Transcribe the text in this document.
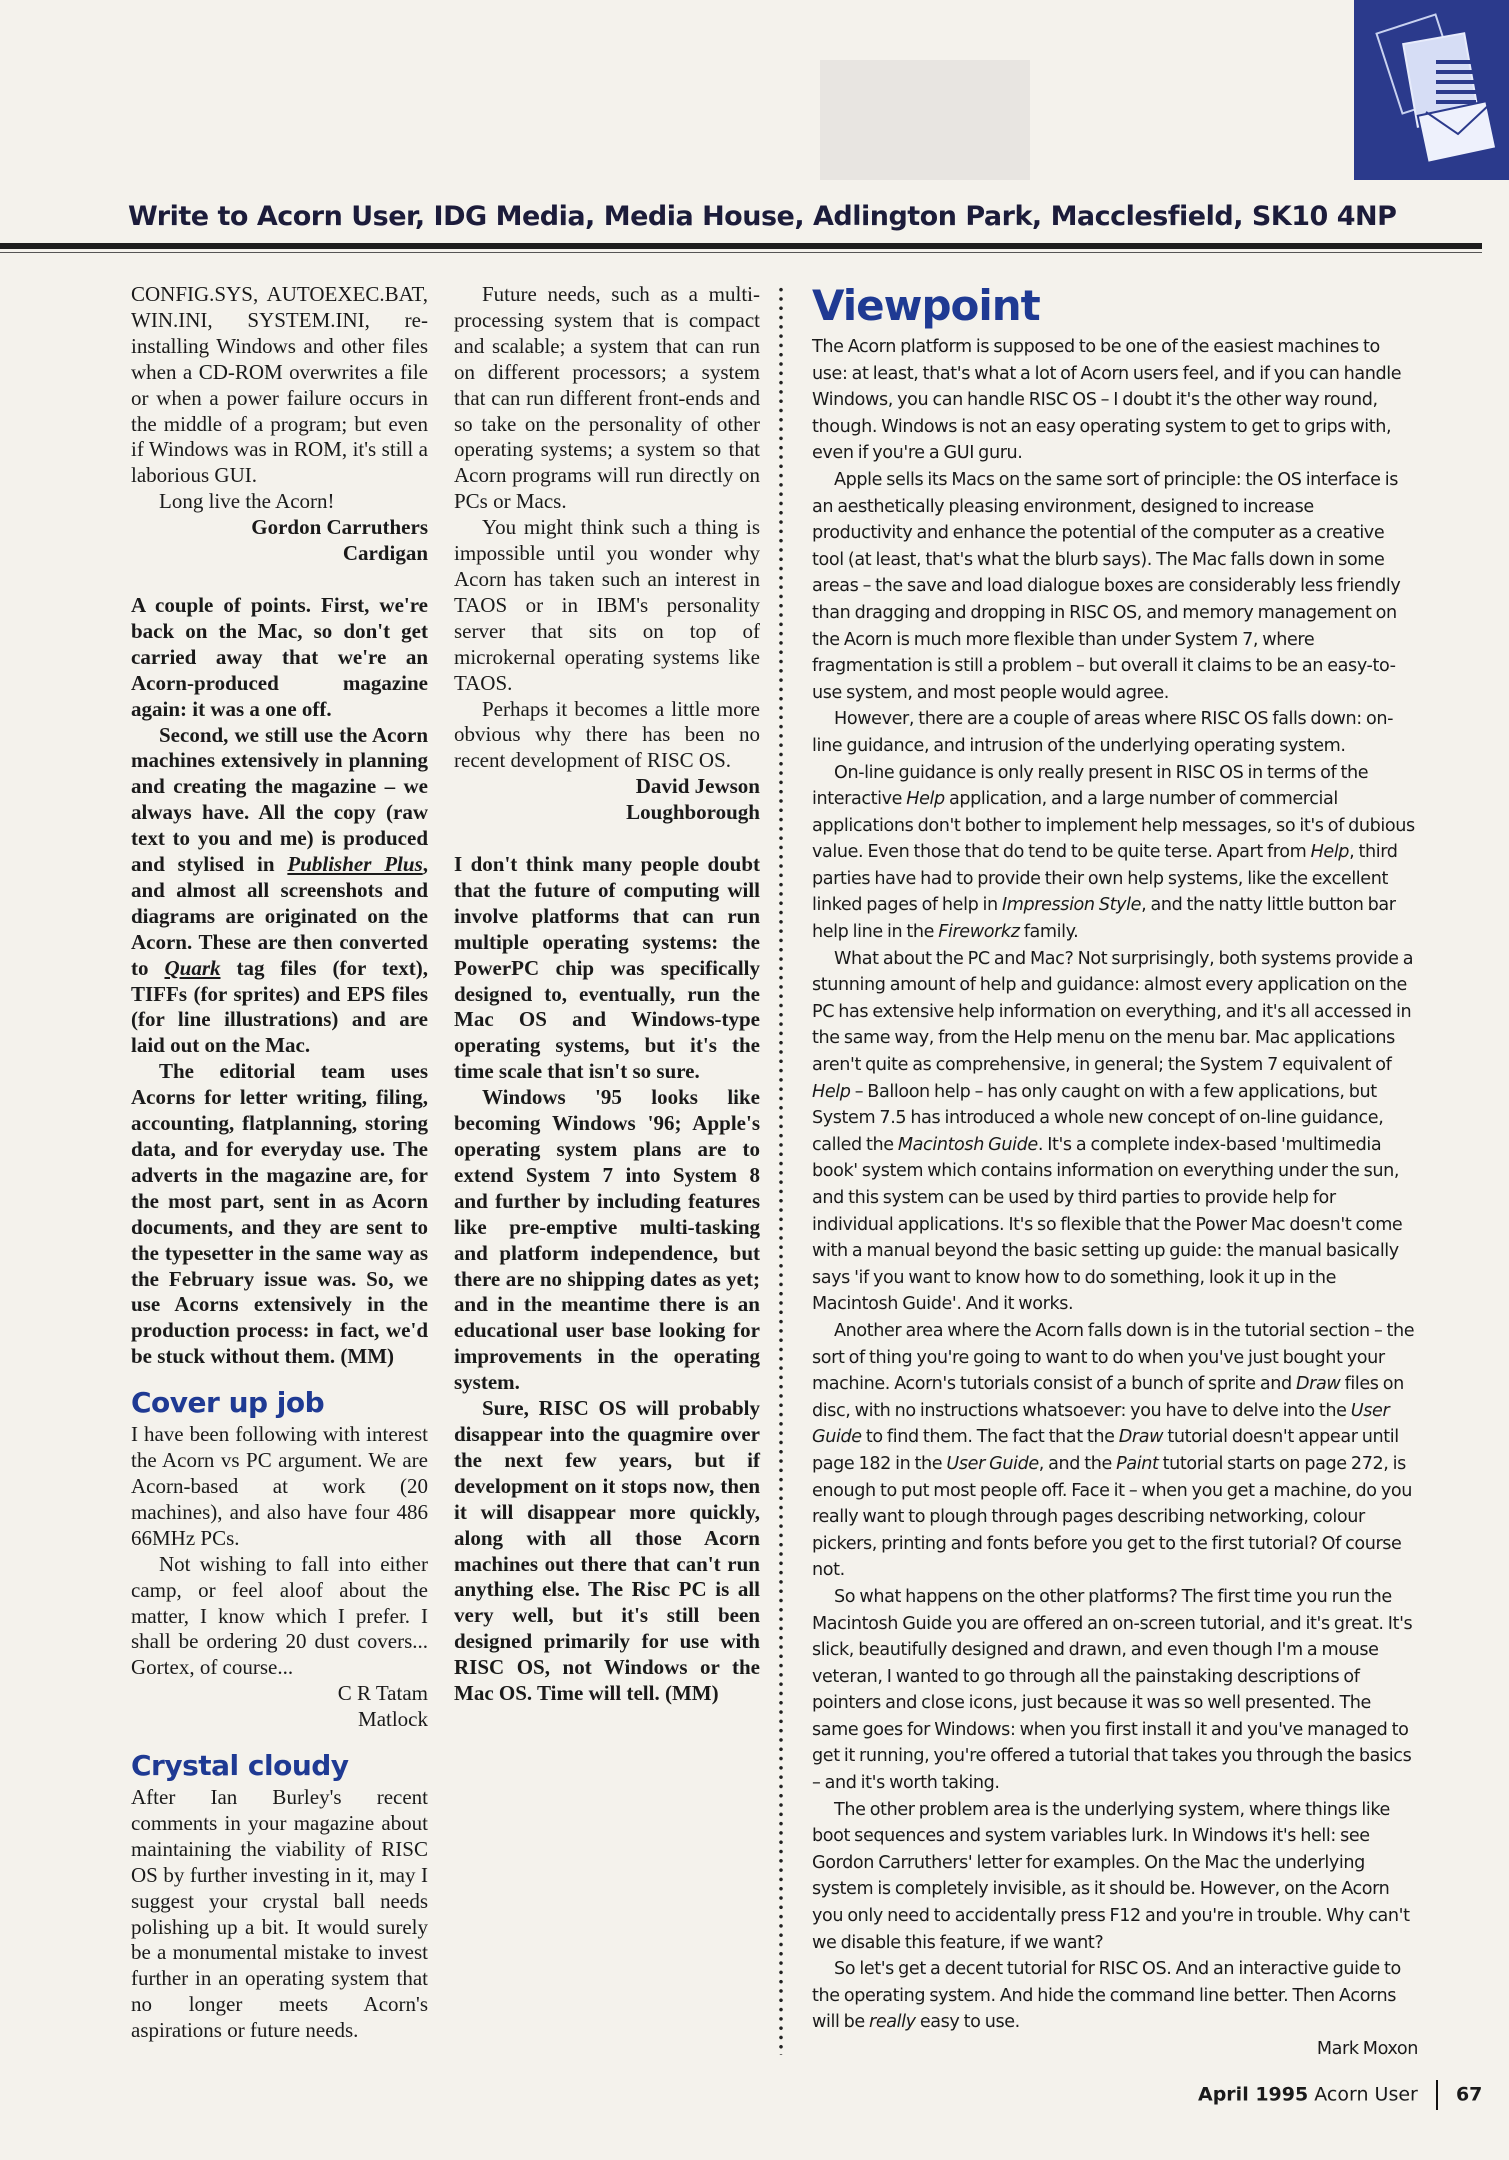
Write to Acorn User, IDG Media, Media House, Adlington Park, Macclesfield, SK10 4NP

CONFIG.SYS, AUTOEXEC.BAT, WIN.INI, SYSTEM.INI, re-installing Windows and other files when a CD-ROM overwrites a file or when a power failure occurs in the middle of a program; but even if Windows was in ROM, it's still a laborious GUI.

Long live the Acorn!

Gordon Carruthers

Cardigan

A couple of points. First, we're back on the Mac, so don't get carried away that we're an Acorn-produced magazine again: it was a one off.

Second, we still use the Acorn machines extensively in planning and creating the magazine – we always have. All the copy (raw text to you and me) is produced and stylised in Publisher Plus, and almost all screenshots and diagrams are originated on the Acorn. These are then converted to Quark tag files (for text), TIFFs (for sprites) and EPS files (for line illustrations) and are laid out on the Mac.

The editorial team uses Acorns for letter writing, filing, accounting, flatplanning, storing data, and for everyday use. The adverts in the magazine are, for the most part, sent in as Acorn documents, and they are sent to the typesetter in the same way as the February issue was. So, we use Acorns extensively in the production process: in fact, we'd be stuck without them. (MM)

Cover up job

I have been following with interest the Acorn vs PC argument. We are Acorn-based at work (20 machines), and also have four 486 66MHz PCs.

Not wishing to fall into either camp, or feel aloof about the matter, I know which I prefer. I shall be ordering 20 dust covers... Gortex, of course...

C R Tatam

Matlock

Crystal cloudy

After Ian Burley's recent comments in your magazine about maintaining the viability of RISC OS by further investing in it, may I suggest your crystal ball needs polishing up a bit. It would surely be a monumental mistake to invest further in an operating system that no longer meets Acorn's aspirations or future needs.

Future needs, such as a multi-processing system that is compact and scalable; a system that can run on different processors; a system that can run different front-ends and so take on the personality of other operating systems; a system so that Acorn programs will run directly on PCs or Macs.

You might think such a thing is impossible until you wonder why Acorn has taken such an interest in TAOS or in IBM's personality server that sits on top of microkernal operating systems like TAOS.

Perhaps it becomes a little more obvious why there has been no recent development of RISC OS.

David Jewson

Loughborough

I don't think many people doubt that the future of computing will involve platforms that can run multiple operating systems: the PowerPC chip was specifically designed to, eventually, run the Mac OS and Windows-type operating systems, but it's the time scale that isn't so sure.

Windows '95 looks like becoming Windows '96; Apple's operating system plans are to extend System 7 into System 8 and further by including features like pre-emptive multi-tasking and platform independence, but there are no shipping dates as yet; and in the meantime there is an educational user base looking for improvements in the operating system.

Sure, RISC OS will probably disappear into the quagmire over the next few years, but if development on it stops now, then it will disappear more quickly, along with all those Acorn machines out there that can't run anything else. The Risc PC is all very well, but it's still been designed primarily for use with RISC OS, not Windows or the Mac OS. Time will tell. (MM)

Viewpoint

The Acorn platform is supposed to be one of the easiest machines to use: at least, that's what a lot of Acorn users feel, and if you can handle Windows, you can handle RISC OS – I doubt it's the other way round, though. Windows is not an easy operating system to get to grips with, even if you're a GUI guru.

Apple sells its Macs on the same sort of principle: the OS interface is an aesthetically pleasing environment, designed to increase productivity and enhance the potential of the computer as a creative tool (at least, that's what the blurb says). The Mac falls down in some areas – the save and load dialogue boxes are considerably less friendly than dragging and dropping in RISC OS, and memory management on the Acorn is much more flexible than under System 7, where fragmentation is still a problem – but overall it claims to be an easy-to-use system, and most people would agree.

However, there are a couple of areas where RISC OS falls down: on-line guidance, and intrusion of the underlying operating system.

On-line guidance is only really present in RISC OS in terms of the interactive Help application, and a large number of commercial applications don't bother to implement help messages, so it's of dubious value. Even those that do tend to be quite terse. Apart from Help, third parties have had to provide their own help systems, like the excellent linked pages of help in Impression Style, and the natty little button bar help line in the Fireworkz family.

What about the PC and Mac? Not surprisingly, both systems provide a stunning amount of help and guidance: almost every application on the PC has extensive help information on everything, and it's all accessed in the same way, from the Help menu on the menu bar. Mac applications aren't quite as comprehensive, in general; the System 7 equivalent of Help – Balloon help – has only caught on with a few applications, but System 7.5 has introduced a whole new concept of on-line guidance, called the Macintosh Guide. It's a complete index-based 'multimedia book' system which contains information on everything under the sun, and this system can be used by third parties to provide help for individual applications. It's so flexible that the Power Mac doesn't come with a manual beyond the basic setting up guide: the manual basically says 'if you want to know how to do something, look it up in the Macintosh Guide'. And it works.

Another area where the Acorn falls down is in the tutorial section – the sort of thing you're going to want to do when you've just bought your machine. Acorn's tutorials consist of a bunch of sprite and Draw files on disc, with no instructions whatsoever: you have to delve into the User Guide to find them. The fact that the Draw tutorial doesn't appear until page 182 in the User Guide, and the Paint tutorial starts on page 272, is enough to put most people off. Face it – when you get a machine, do you really want to plough through pages describing networking, colour pickers, printing and fonts before you get to the first tutorial? Of course not.

So what happens on the other platforms? The first time you run the Macintosh Guide you are offered an on-screen tutorial, and it's great. It's slick, beautifully designed and drawn, and even though I'm a mouse veteran, I wanted to go through all the painstaking descriptions of pointers and close icons, just because it was so well presented. The same goes for Windows: when you first install it and you've managed to get it running, you're offered a tutorial that takes you through the basics – and it's worth taking.

The other problem area is the underlying system, where things like boot sequences and system variables lurk. In Windows it's hell: see Gordon Carruthers' letter for examples. On the Mac the underlying system is completely invisible, as it should be. However, on the Acorn you only need to accidentally press F12 and you're in trouble. Why can't we disable this feature, if we want?

So let's get a decent tutorial for RISC OS. And an interactive guide to the operating system. And hide the command line better. Then Acorns will be really easy to use.

Mark Moxon

April 1995 Acorn User 67
